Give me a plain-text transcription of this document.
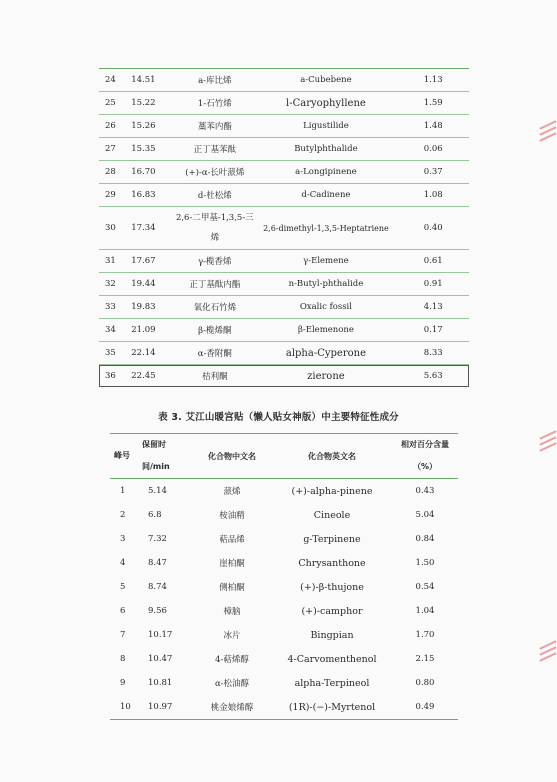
24	14.51	a-库比烯	a-Cubebene	1.13
25	15.22	1-石竹烯	l-Caryophyllene	1.59
26	15.26	藁苯内酯	Ligustilide	1.48
27	15.35	正丁基苯酞	Butylphthalide	0.06
28	16.70	(+)-α-长叶蒎烯	a-Longipinene	0.37
29	16.83	d-杜松烯	d-Cadinene	1.08
30	17.34	2,6-二甲基-1,3,5-三烯	2,6-dimethyl-1,3,5-Heptatriene	0.40
31	17.67	γ-榄香烯	γ-Elemene	0.61
32	19.44	正丁基酞内酯	n-Butyl-phthalide	0.91
33	19.83	氧化石竹烯	Oxalic fossil	4.13
34	21.09	β-榄烯酮	β-Elemenone	0.17
35	22.14	α-香附酮	alpha-Cyperone	8.33
36	22.45	桔利酮	zierone	5.63
表 3. 艾江山暖宫贴（懒人贴女神版）中主要特征性成分
峰号	保留时间/min	化合物中文名	化合物英文名	相对百分含量（%）
1	5.14	蒎烯	(+)-alpha-pinene	0.43
2	6.8	桉油精	Cineole	5.04
3	7.32	萜品烯	g-Terpinene	0.84
4	8.47	崖柏酮	Chrysanthone	1.50
5	8.74	侧柏酮	(+)-β-thujone	0.54
6	9.56	樟脑	(+)-camphor	1.04
7	10.17	冰片	Bingpian	1.70
8	10.47	4-萜烯醇	4-Carvomenthenol	2.15
9	10.81	α-松油醇	alpha-Terpineol	0.80
10	10.97	桃金娘烯醇	(1R)-(−)-Myrtenol	0.49
